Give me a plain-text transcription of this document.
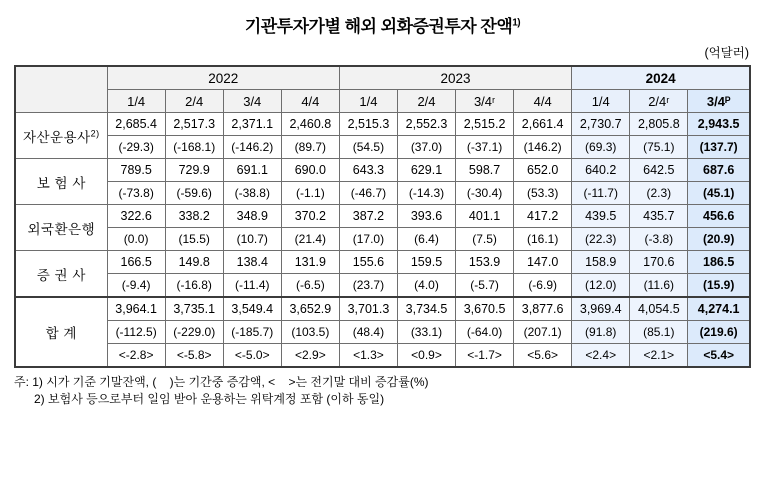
기관투자가별 해외 외화증권투자 잔액$^{1)}$
(억달러)
	2022				2023				2024		
	1/4	2/4	3/4	4/4	1/4	2/4	3/4ʳ	4/4	1/4	2/4ʳ	3/4ᴾ
자산운용사$^{2)}$	2,685.4	2,517.3	2,371.1	2,460.8	2,515.3	2,552.3	2,515.2	2,661.4	2,730.7	2,805.8	2,943.5
	(-29.3)	(-168.1)	(-146.2)	(89.7)	(54.5)	(37.0)	(-37.1)	(146.2)	(69.3)	(75.1)	(137.7)
보 험 사	789.5	729.9	691.1	690.0	643.3	629.1	598.7	652.0	640.2	642.5	687.6
	(-73.8)	(-59.6)	(-38.8)	(-1.1)	(-46.7)	(-14.3)	(-30.4)	(53.3)	(-11.7)	(2.3)	(45.1)
외국환은행	322.6	338.2	348.9	370.2	387.2	393.6	401.1	417.2	439.5	435.7	456.6
	(0.0)	(15.5)	(10.7)	(21.4)	(17.0)	(6.4)	(7.5)	(16.1)	(22.3)	(-3.8)	(20.9)
증 권 사	166.5	149.8	138.4	131.9	155.6	159.5	153.9	147.0	158.9	170.6	186.5
	(-9.4)	(-16.8)	(-11.4)	(-6.5)	(23.7)	(4.0)	(-5.7)	(-6.9)	(12.0)	(11.6)	(15.9)
합 계	3,964.1	3,735.1	3,549.4	3,652.9	3,701.3	3,734.5	3,670.5	3,877.6	3,969.4	4,054.5	4,274.1
	(-112.5)	(-229.0)	(-185.7)	(103.5)	(48.4)	(33.1)	(-64.0)	(207.1)	(91.8)	(85.1)	(219.6)
	<-2.8>	<-5.8>	<-5.0>	<2.9>	<1.3>	<0.9>	<-1.7>	<5.6>	<2.4>	<2.1>	<5.4>
주: 1) 시가 기준 기말잔액, (    )는 기간중 증감액, <    >는 전기말 대비 증감률(%)
2) 보험사 등으로부터 일임 받아 운용하는 위탁계정 포함 (이하 동일)
